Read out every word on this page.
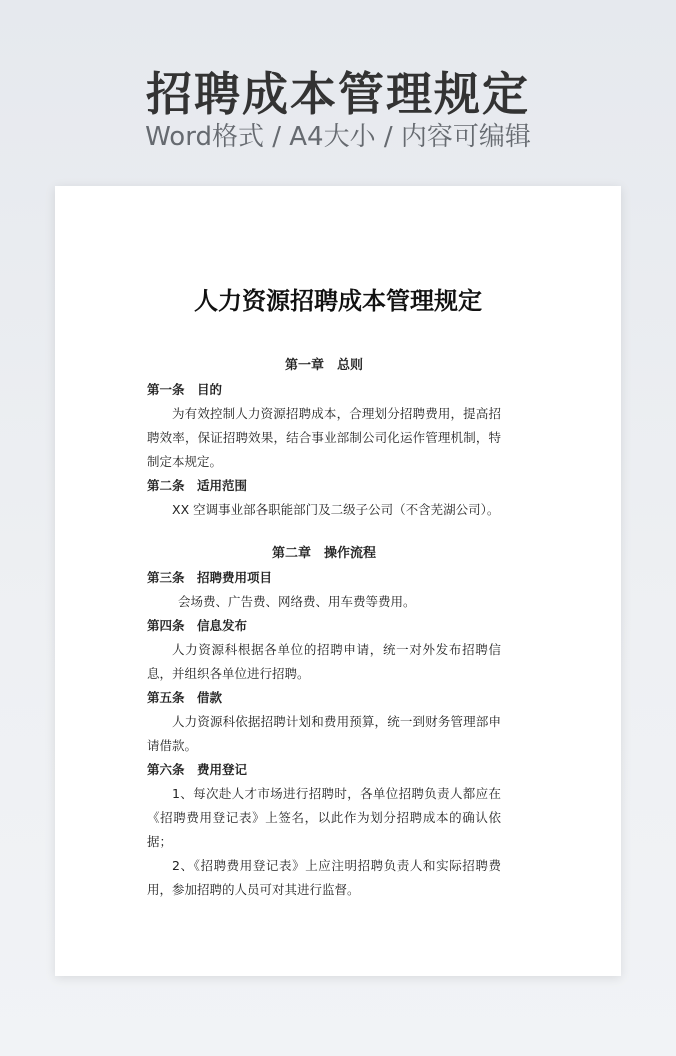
招聘成本管理规定
Word格式 / A4大小 / 内容可编辑
人力资源招聘成本管理规定
第一章　总则
第一条　目的
为有效控制人力资源招聘成本，合理划分招聘费用，提高招聘效率，保证招聘效果，结合事业部制公司化运作管理机制，特制定本规定。
第二条　适用范围
XX 空调事业部各职能部门及二级子公司（不含芜湖公司）。
第二章　操作流程
第三条　招聘费用项目
会场费、广告费、网络费、用车费等费用。
第四条　信息发布
人力资源科根据各单位的招聘申请，统一对外发布招聘信息，并组织各单位进行招聘。
第五条　借款
人力资源科依据招聘计划和费用预算，统一到财务管理部申请借款。
第六条　费用登记
1、每次赴人才市场进行招聘时，各单位招聘负责人都应在《招聘费用登记表》上签名，以此作为划分招聘成本的确认依据；
2、《招聘费用登记表》上应注明招聘负责人和实际招聘费用，参加招聘的人员可对其进行监督。
